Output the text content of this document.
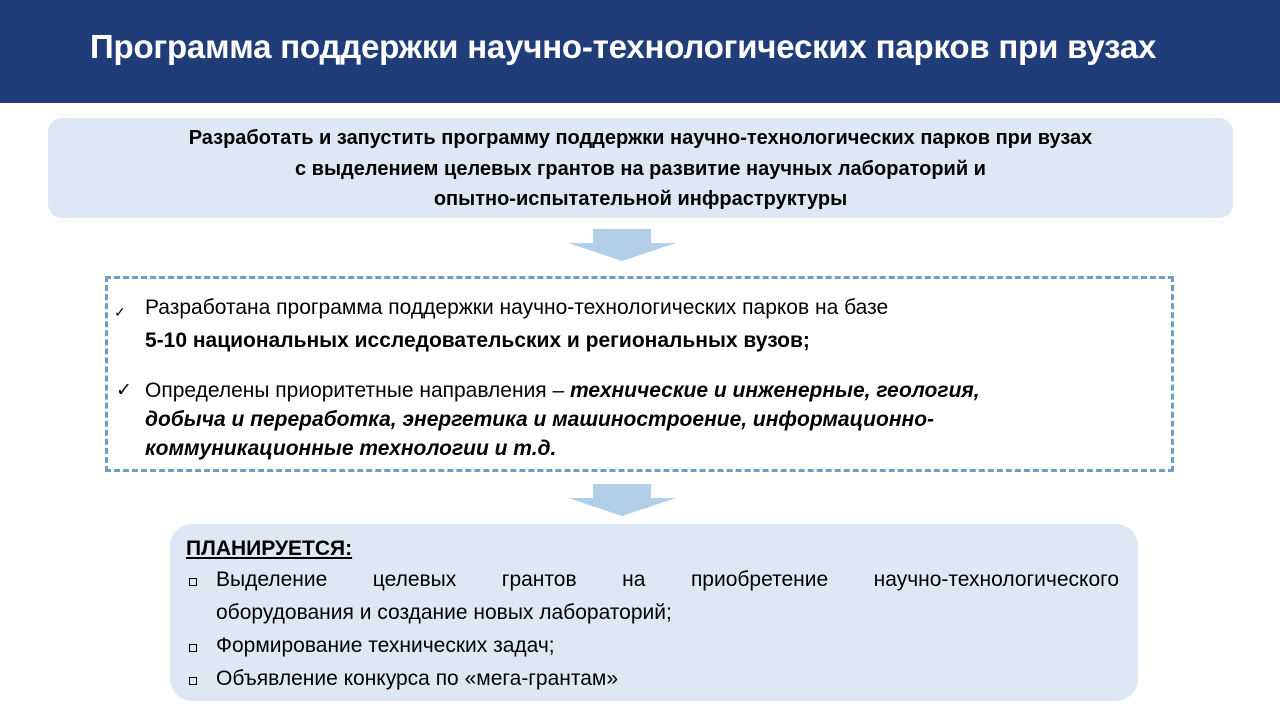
Программа поддержки научно-технологических парков при вузах
Разработать и запустить программу поддержки научно-технологических парков при вузах
с выделением целевых грантов на развитие научных лабораторий и
опытно-испытательной инфраструктуры
✓ Разработана программа поддержки научно-технологических парков на базе
5-10 национальных исследовательских и региональных вузов;
✓ Определены приоритетные направления – технические и инженерные, геология,
добыча и переработка, энергетика и машиностроение, информационно-
коммуникационные технологии и т.д.
ПЛАНИРУЕТСЯ:
Выделение целевых грантов на приобретение научно-технологического
оборудования и создание новых лабораторий;
Формирование технических задач;
Объявление конкурса по «мега-грантам»
